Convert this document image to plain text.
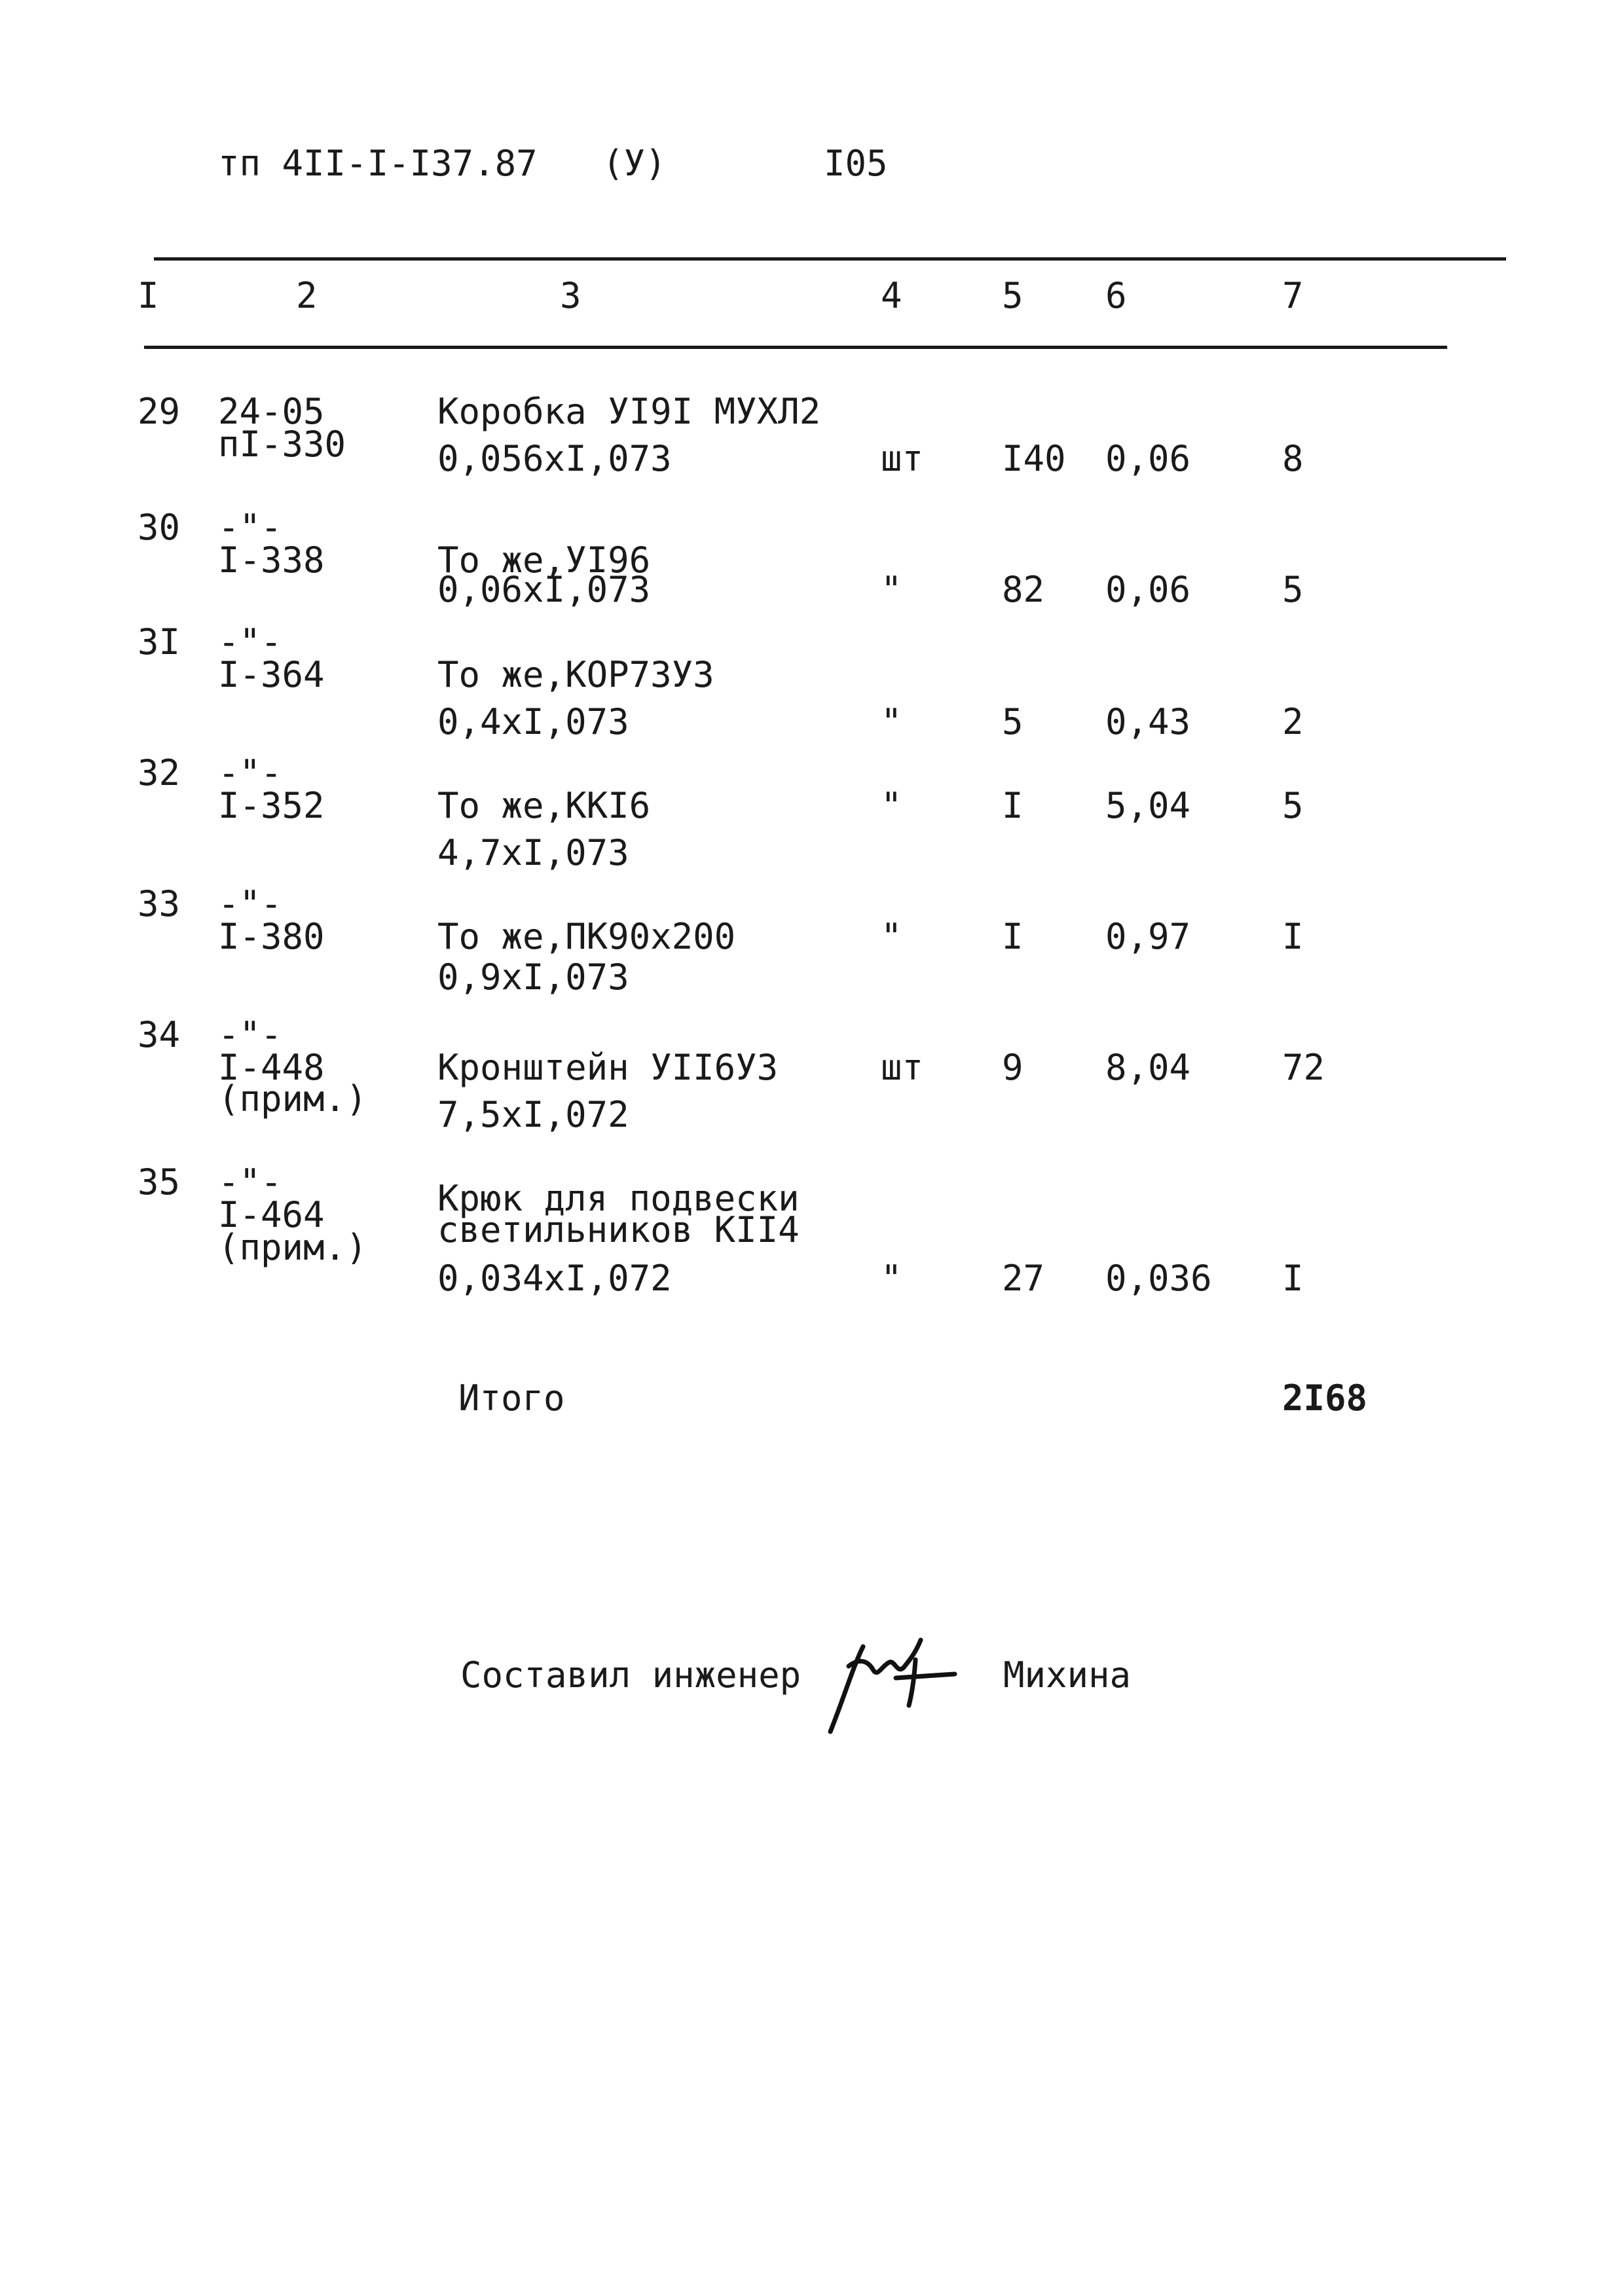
тп 4II-I-I37.87 (У)	I05
I	2	3	4	5 6	7
29 24-05
пI-330
Коробка УI9I МУХЛ2
0,056хI,073	шт I40 0,06	8
30 -"-
I-338	То же,УI96
0,06хI,073	"	82 0,06	5
3I -"-
I-364	То же,КОР73У3
0,4хI,073	"	5 0,43	2
32 -"-
I-352	То же,ККI6
4,7хI,073
"	I 5,04	5
33 -"-
I-380	То же,ПК90х200
0,9хI,073
"	I 0,97	I
34 -"-
I-448
(прим.)
Кронштейн УII6У3
7,5хI,072
шт 9 8,04	72
35 -"-
I-464
(прим.)
Крюк для подвески
светильников КII4
0,034хI,072	"	27 0,036 I
Итого	2I68
Составил инженер	Михина
